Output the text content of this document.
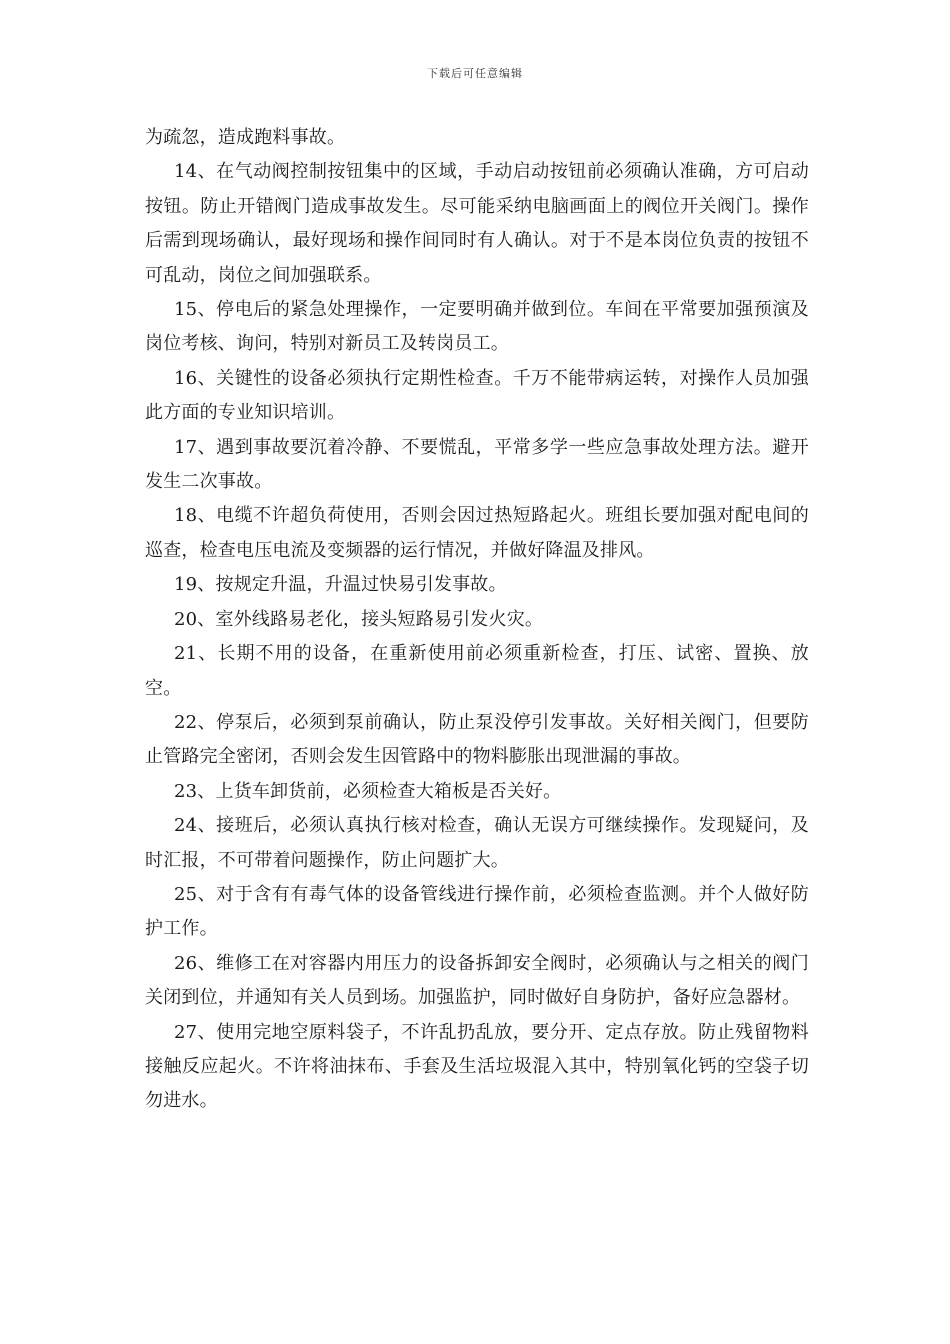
下载后可任意编辑

为疏忽，造成跑料事故。

14、在气动阀控制按钮集中的区域，手动启动按钮前必须确认准确，方可启动按钮。防止开错阀门造成事故发生。尽可能采纳电脑画面上的阀位开关阀门。操作后需到现场确认，最好现场和操作间同时有人确认。对于不是本岗位负责的按钮不可乱动，岗位之间加强联系。

15、停电后的紧急处理操作，一定要明确并做到位。车间在平常要加强预演及岗位考核、询问，特别对新员工及转岗员工。

16、关键性的设备必须执行定期性检查。千万不能带病运转，对操作人员加强此方面的专业知识培训。

17、遇到事故要沉着冷静、不要慌乱，平常多学一些应急事故处理方法。避开发生二次事故。

18、电缆不许超负荷使用，否则会因过热短路起火。班组长要加强对配电间的巡查，检查电压电流及变频器的运行情况，并做好降温及排风。

19、按规定升温，升温过快易引发事故。

20、室外线路易老化，接头短路易引发火灾。

21、长期不用的设备，在重新使用前必须重新检查，打压、试密、置换、放空。

22、停泵后，必须到泵前确认，防止泵没停引发事故。关好相关阀门，但要防止管路完全密闭，否则会发生因管路中的物料膨胀出现泄漏的事故。

23、上货车卸货前，必须检查大箱板是否关好。

24、接班后，必须认真执行核对检查，确认无误方可继续操作。发现疑问，及时汇报，不可带着问题操作，防止问题扩大。

25、对于含有有毒气体的设备管线进行操作前，必须检查监测。并个人做好防护工作。

26、维修工在对容器内用压力的设备拆卸安全阀时，必须确认与之相关的阀门关闭到位，并通知有关人员到场。加强监护，同时做好自身防护，备好应急器材。

27、使用完地空原料袋子，不许乱扔乱放，要分开、定点存放。防止残留物料接触反应起火。不许将油抹布、手套及生活垃圾混入其中，特别氧化钙的空袋子切勿进水。
